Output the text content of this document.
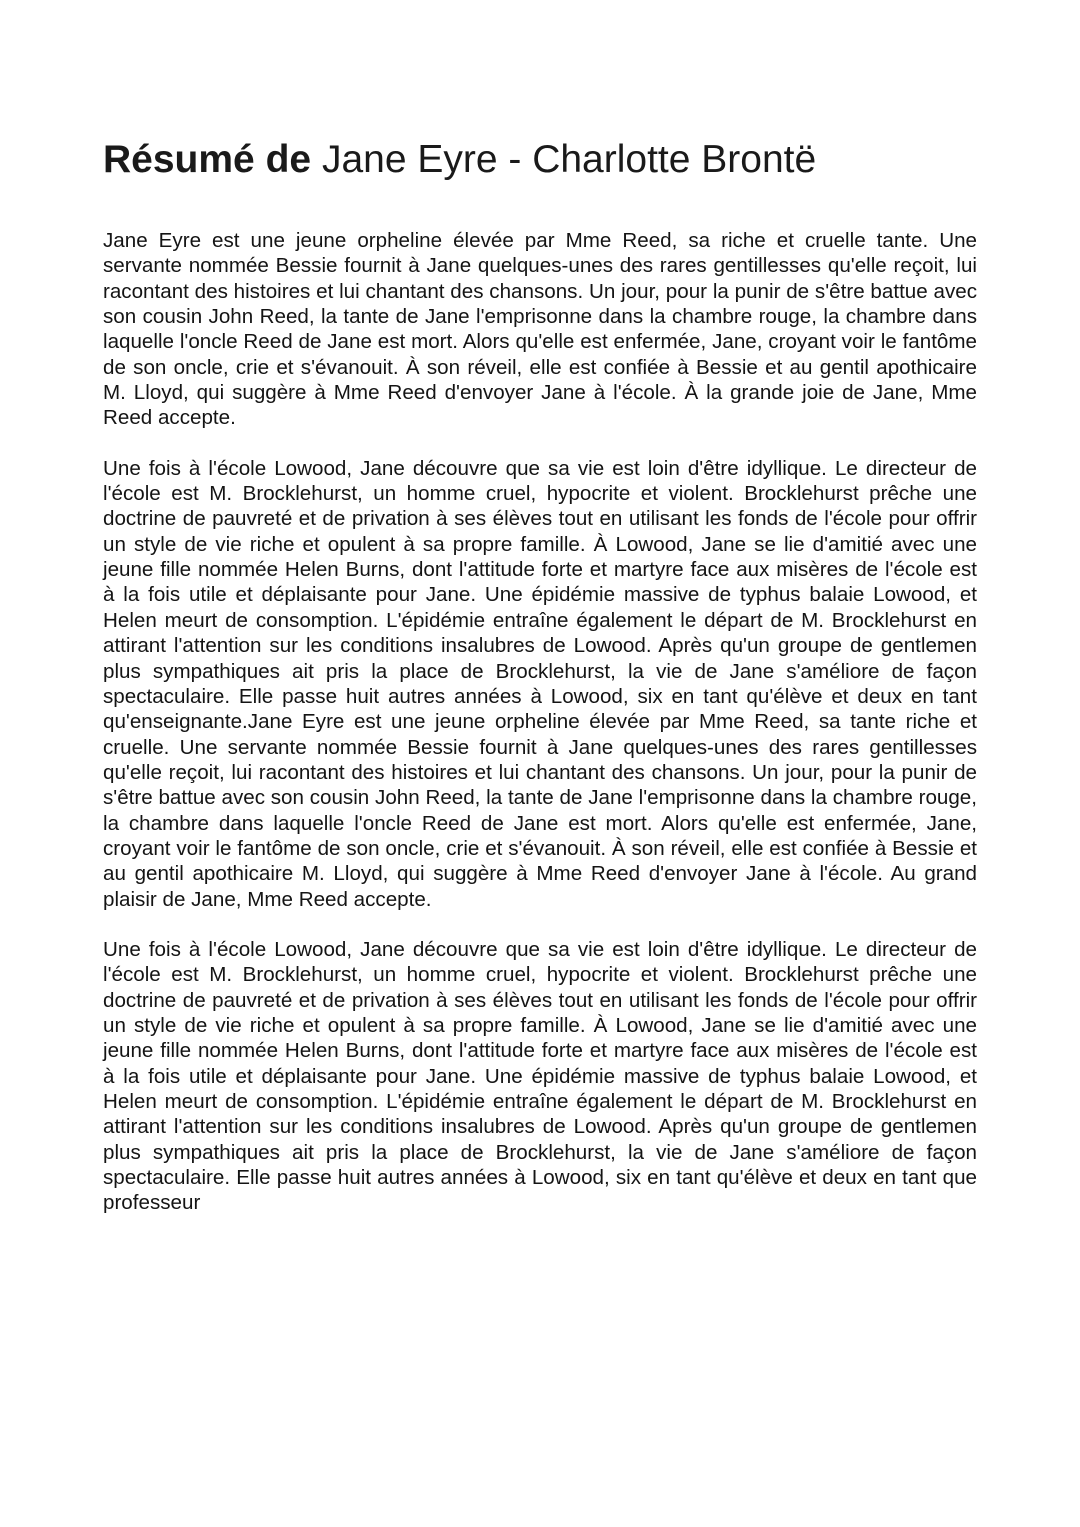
Résumé de Jane Eyre - Charlotte Brontë

Jane Eyre est une jeune orpheline élevée par Mme Reed, sa riche et cruelle tante. Une servante nommée Bessie fournit à Jane quelques-unes des rares gentillesses qu'elle reçoit, lui racontant des histoires et lui chantant des chansons. Un jour, pour la punir de s'être battue avec son cousin John Reed, la tante de Jane l'emprisonne dans la chambre rouge, la chambre dans laquelle l'oncle Reed de Jane est mort. Alors qu'elle est enfermée, Jane, croyant voir le fantôme de son oncle, crie et s'évanouit. À son réveil, elle est confiée à Bessie et au gentil apothicaire M. Lloyd, qui suggère à Mme Reed d'envoyer Jane à l'école. À la grande joie de Jane, Mme Reed accepte.

Une fois à l'école Lowood, Jane découvre que sa vie est loin d'être idyllique. Le directeur de l'école est M. Brocklehurst, un homme cruel, hypocrite et violent. Brocklehurst prêche une doctrine de pauvreté et de privation à ses élèves tout en utilisant les fonds de l'école pour offrir un style de vie riche et opulent à sa propre famille. À Lowood, Jane se lie d'amitié avec une jeune fille nommée Helen Burns, dont l'attitude forte et martyre face aux misères de l'école est à la fois utile et déplaisante pour Jane. Une épidémie massive de typhus balaie Lowood, et Helen meurt de consomption. L'épidémie entraîne également le départ de M. Brocklehurst en attirant l'attention sur les conditions insalubres de Lowood. Après qu'un groupe de gentlemen plus sympathiques ait pris la place de Brocklehurst, la vie de Jane s'améliore de façon spectaculaire. Elle passe huit autres années à Lowood, six en tant qu'élève et deux en tant qu'enseignante.Jane Eyre est une jeune orpheline élevée par Mme Reed, sa tante riche et cruelle. Une servante nommée Bessie fournit à Jane quelques-unes des rares gentillesses qu'elle reçoit, lui racontant des histoires et lui chantant des chansons. Un jour, pour la punir de s'être battue avec son cousin John Reed, la tante de Jane l'emprisonne dans la chambre rouge, la chambre dans laquelle l'oncle Reed de Jane est mort. Alors qu'elle est enfermée, Jane, croyant voir le fantôme de son oncle, crie et s'évanouit. À son réveil, elle est confiée à Bessie et au gentil apothicaire M. Lloyd, qui suggère à Mme Reed d'envoyer Jane à l'école. Au grand plaisir de Jane, Mme Reed accepte.

Une fois à l'école Lowood, Jane découvre que sa vie est loin d'être idyllique. Le directeur de l'école est M. Brocklehurst, un homme cruel, hypocrite et violent. Brocklehurst prêche une doctrine de pauvreté et de privation à ses élèves tout en utilisant les fonds de l'école pour offrir un style de vie riche et opulent à sa propre famille. À Lowood, Jane se lie d'amitié avec une jeune fille nommée Helen Burns, dont l'attitude forte et martyre face aux misères de l'école est à la fois utile et déplaisante pour Jane. Une épidémie massive de typhus balaie Lowood, et Helen meurt de consomption. L'épidémie entraîne également le départ de M. Brocklehurst en attirant l'attention sur les conditions insalubres de Lowood. Après qu'un groupe de gentlemen plus sympathiques ait pris la place de Brocklehurst, la vie de Jane s'améliore de façon spectaculaire. Elle passe huit autres années à Lowood, six en tant qu'élève et deux en tant que professeur
